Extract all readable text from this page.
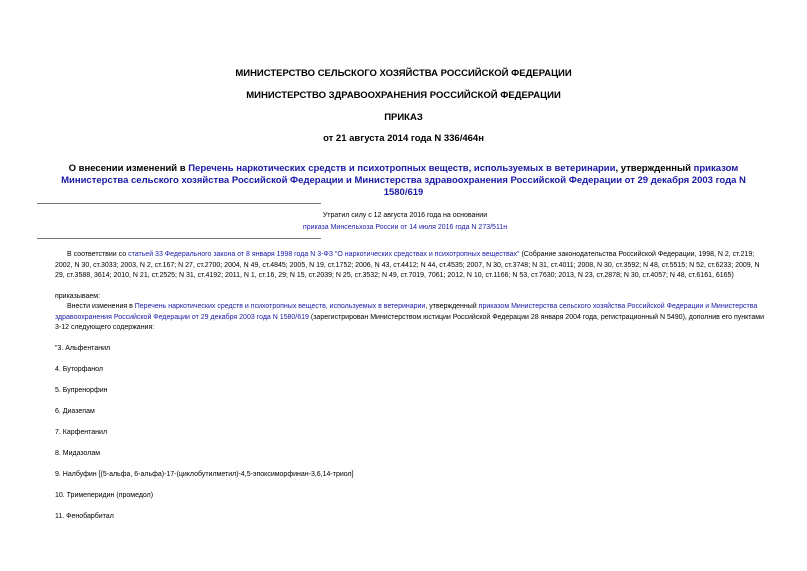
МИНИСТЕРСТВО СЕЛЬСКОГО ХОЗЯЙСТВА РОССИЙСКОЙ ФЕДЕРАЦИИ
МИНИСТЕРСТВО ЗДРАВООХРАНЕНИЯ РОССИЙСКОЙ ФЕДЕРАЦИИ
ПРИКАЗ
от 21 августа 2014 года N 336/464н
О внесении изменений в Перечень наркотических средств и психотропных веществ, используемых в ветеринарии, утвержденный приказом Министерства сельского хозяйства Российской Федерации и Министерства здравоохранения Российской Федерации от 29 декабря 2003 года N 1580/619
Утратил силу с 12 августа 2016 года на основании
приказа Минсельхоза России от 14 июля 2016 года N 273/511н
В соответствии со статьей 33 Федерального закона от 8 января 1998 года N 3-ФЗ "О наркотических средствах и психотропных веществах" (Собрание законодательства Российской Федерации, 1998, N 2, ст.219; 2002, N 30, ст.3033; 2003, N 2, ст.167; N 27, ст.2700; 2004, N 49, ст.4845; 2005, N 19, ст.1752; 2006, N 43, ст.4412; N 44, ст.4535; 2007, N 30, ст.3748; N 31, ст.4011; 2008, N 30, ст.3592; N 48, ст.5515; N 52, ст.6233; 2009, N 29, ст.3588, 3614; 2010, N 21, ст.2525; N 31, ст.4192; 2011, N 1, ст.16, 29; N 15, ст.2039; N 25, ст.3532; N 49, ст.7019, 7061; 2012, N 10, ст.1166; N 53, ст.7630; 2013, N 23, ст.2878; N 30, ст.4057; N 48, ст.6161, 6165)
приказываем:
Внести изменения в Перечень наркотических средств и психотропных веществ, используемых в ветеринарии, утвержденный приказом Министерства сельского хозяйства Российской Федерации и Министерства здравоохранения Российской Федерации от 29 декабря 2003 года N 1580/619 (зарегистрирован Министерством юстиции Российской Федерации 28 января 2004 года, регистрационный N 5490), дополнив его пунктами 3-12 следующего содержания:
"3. Альфентанил
4. Буторфанол
5. Бупренорфин
6. Диазепам
7. Карфентанил
8. Мидазолам
9. Налбуфин [(5-альфа, 6-альфа)-17-(циклобутилметил)-4,5-эпоксиморфинан-3,6,14-триол]
10. Тримеперидин (промедол)
11. Фенобарбитал
